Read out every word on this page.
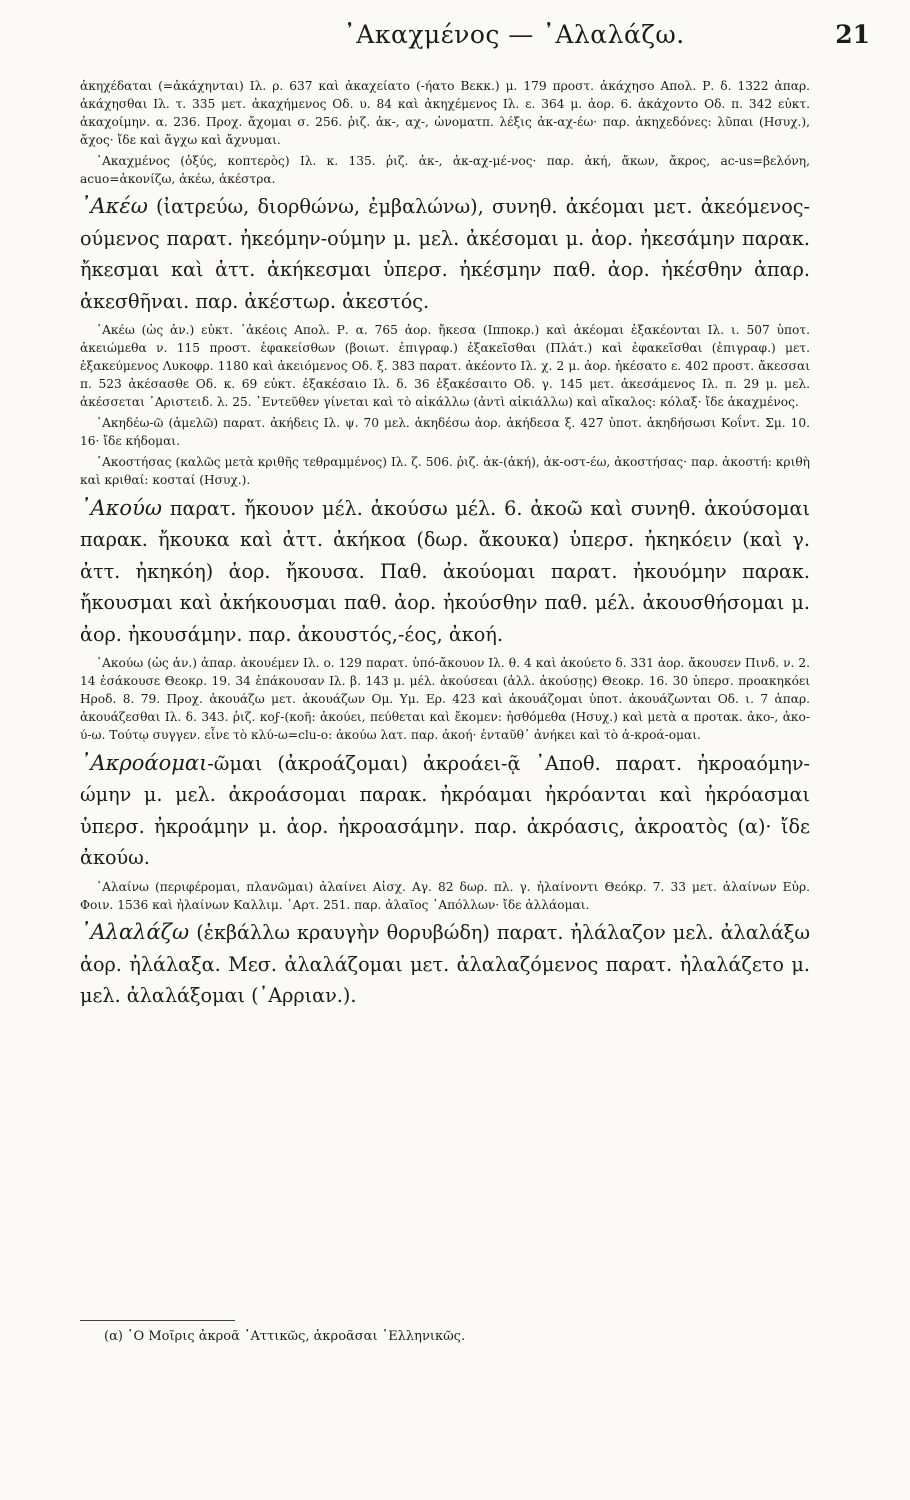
᾿Ακαχμένος — ᾿Αλαλάζω.	21

ἀκηχέδαται (=ἀκάχηνται) Ιλ. ρ. 637 καὶ ἀκαχείατο (-ήατο Βεκκ.) μ. 179 προστ. ἀκάχησο Απολ. Ρ. δ. 1322 ἀπαρ. ἀκάχησθαι Ιλ. τ. 335 μετ. ἀκαχήμενος Οδ. υ. 84 καὶ ἀκηχέμενος Ιλ. ε. 364 μ. ἀορ. 6. ἀκάχοντο Οδ. π. 342 εὐκτ. ἀκαχοίμην. α. 236. Προχ. ἄχομαι σ. 256. ῥιζ. ἀκ-, αχ-, ὠνοματπ. λέξις ἀκ-αχ-έω· παρ. ἀκηχεδόνες: λῦπαι (Ησυχ.), ἄχος· ἴδε καὶ ἄγχω καὶ ἄχνυμαι.

᾿Ακαχμένος (ὀξύς, κοπτερὸς) Ιλ. κ. 135. ῥιζ. ἀκ-, ἀκ-αχ-μέ-νος· παρ. ἀκή, ἄκων, ἄκρος, ac-us=βελόνη, acuo=ἀκονίζω, ἀκέω, ἀκέστρα.

᾿Ακέω (ἰατρεύω, διορθώνω, ἐμβαλώνω), συνηθ. ἀκέομαι μετ. ἀκεόμενος-ούμενος παρατ. ἠκεόμην-ούμην μ. μελ. ἀκέσομαι μ. ἀορ. ἠκεσάμην παρακ. ἤκεσμαι καὶ ἀττ. ἀκήκεσμαι ὑπερσ. ἠκέσμην παθ. ἀορ. ἠκέσθην ἀπαρ. ἀκεσθῆναι. παρ. ἀκέστωρ. ἀκεστός.

᾿Ακέω (ὡς ἀν.) εὐκτ. ᾽ἀκέοις Απολ. Ρ. α. 765 ἀορ. ἤκεσα (Ιπποκρ.) καὶ ἀκέομαι ἐξακέονται Ιλ. ι. 507 ὑποτ. ἀκειώμεθα ν. 115 προστ. ἐφακείσθων (βοιωτ. ἐπιγραφ.) ἐξακεῖσθαι (Πλάτ.) καὶ ἐφακεῖσθαι (ἐπιγραφ.) μετ. ἐξακεύμενος Λυκοφρ. 1180 καὶ ἀκειόμενος Οδ. ξ. 383 παρατ. ἀκέοντο Ιλ. χ. 2 μ. ἀορ. ἠκέσατο ε. 402 προστ. ἄκεσσαι π. 523 ἀκέσασθε Οδ. κ. 69 εὐκτ. ἐξακέσαιο Ιλ. δ. 36 ἐξακέσαιτο Οδ. γ. 145 μετ. ἀκεσάμενος Ιλ. π. 29 μ. μελ. ἀκέσσεται ᾽Αριστειδ. λ. 25. ᾽Εντεῦθεν γίνεται καὶ τὸ αἰκάλλω (ἀντὶ αἰκιάλλω) καὶ αἴκαλος: κόλαξ· ἴδε ἀκαχμένος.

᾿Ακηδέω-ῶ (ἀμελῶ) παρατ. ἀκήδεις Ιλ. ψ. 70 μελ. ἀκηδέσω ἀορ. ἀκήδεσα ξ. 427 ὑποτ. ἀκηδήσωσι Κοΐντ. Σμ. 10. 16· ἴδε κήδομαι.

᾿Ακοστήσας (καλῶς μετὰ κριθῆς τεθραμμένος) Ιλ. ζ. 506. ῥιζ. ἀκ-(ἀκή), ἀκ-οστ-έω, ἀκοστήσας· παρ. ἀκοστή: κριθὴ καὶ κριθαί: κοσταί (Ησυχ.).

᾿Ακούω παρατ. ἤκουον μέλ. ἀκούσω μέλ. 6. ἀκοῶ καὶ συνηθ. ἀκούσομαι παρακ. ἤκουκα καὶ ἀττ. ἀκήκοα (δωρ. ἄκουκα) ὑπερσ. ἠκηκόειν (καὶ γ. ἀττ. ἠκηκόη) ἀορ. ἤκουσα. Παθ. ἀκούομαι παρατ. ἠκουόμην παρακ. ἤκουσμαι καὶ ἀκήκουσμαι παθ. ἀορ. ἠκούσθην παθ. μέλ. ἀκουσθήσομαι μ. ἀορ. ἠκουσάμην. παρ. ἀκουστός,-έος, ἀκοή.

᾿Ακούω (ὡς ἀν.) ἀπαρ. ἀκουέμεν Ιλ. ο. 129 παρατ. ὑπό-ἄκουον Ιλ. θ. 4 καὶ ἀκούετο δ. 331 ἀορ. ἄκουσεν Πινδ. ν. 2. 14 ἐσάκουσε Θεοκρ. 19. 34 ἐπάκουσαν Ιλ. β. 143 μ. μέλ. ἀκούσεαι (ἀλλ. ἀκούσῃς) Θεοκρ. 16. 30 ὑπερσ. προακηκόει Ηροδ. 8. 79. Προχ. ἀκουάζω μετ. ἀκουάζων Ομ. Υμ. Ερ. 423 καὶ ἀκουάζομαι ὑποτ. ἀκουάζωνται Οδ. ι. 7 ἀπαρ. ἀκουάζεσθαι Ιλ. δ. 343. ῥιζ. κοϝ-(κοῆ: ἀκούει, πεύθεται καὶ ἔκομεν: ἠσθόμεθα (Ησυχ.) καὶ μετὰ α προτακ. ἀκο-, ἀκο-ύ-ω. Τούτῳ συγγεν. εἶνε τὸ κλύ-ω=clu-o: ἀκούω λατ. παρ. ἀκοή· ἐνταῦθ᾿ ἀνήκει καὶ τὸ ἀ-κροά-ομαι.

᾿Ακροάομαι-ῶμαι (ἀκροάζομαι) ἀκροάει-ᾷ ᾽Αποθ. παρατ. ἠκροαόμην-ώμην μ. μελ. ἀκροάσομαι παρακ. ἠκρόαμαι ἠκρόανται καὶ ἠκρόασμαι ὑπερσ. ἠκροάμην μ. ἀορ. ἠκροασάμην. παρ. ἀκρόασις, ἀκροατὸς (α)· ἴδε ἀκούω.

᾿Αλαίνω (περιφέρομαι, πλανῶμαι) ἀλαίνει Αἰσχ. Αγ. 82 δωρ. πλ. γ. ἠλαίνοντι Θεόκρ. 7. 33 μετ. ἀλαίνων Εὐρ. Φοιν. 1536 καὶ ἠλαίνων Καλλιμ. ᾽Αρτ. 251. παρ. ἀλαῖος ᾽Απόλλων· ἴδε ἀλλάομαι.

᾿Αλαλάζω (ἐκβάλλω κραυγὴν θορυβώδη) παρατ. ἠλάλαζον μελ. ἀλαλάξω ἀορ. ἠλάλαξα. Μεσ. ἀλαλάζομαι μετ. ἀλαλαζόμενος παρατ. ἠλαλάζετο μ. μελ. ἀλαλάξομαι (᾽Αρριαν.).

(α) ῾Ο Μοῖρις ἀκροᾶ ᾽Αττικῶς, ἀκροᾶσαι ῾Ελληνικῶς.
